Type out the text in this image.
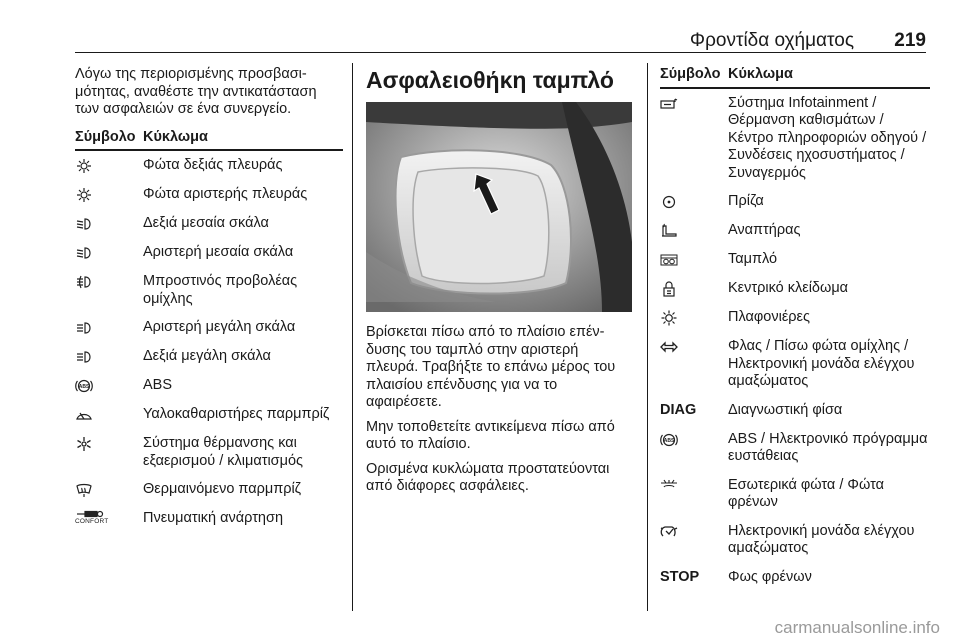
Φροντίδα οχήματος 219

Λόγω της περιορισμένης προσβασιμότητας, αναθέστε την αντικατάσταση των ασφαλειών σε ένα συνεργείο.

Σύμβολο Κύκλωμα
Φώτα δεξιάς πλευράς
Φώτα αριστερής πλευράς
Δεξιά μεσαία σκάλα
Αριστερή μεσαία σκάλα
Μπροστινός προβολέας ομίχλης
Αριστερή μεγάλη σκάλα
Δεξιά μεγάλη σκάλα
ABS	ABS
Υαλοκαθαριστήρες παρμπρίζ
Σύστημα θέρμανσης και εξαερισμού / κλιματισμός
Θερμαινόμενο παρμπρίζ
CONFORT Πνευματική ανάρτηση
Ασφαλειοθήκη ταμπλό

Βρίσκεται πίσω από το πλαίσιο επένδυσης του ταμπλό στην αριστερή πλευρά. Τραβήξτε το επάνω μέρος του πλαισίου επένδυσης για να το αφαιρέσετε.

Μην τοποθετείτε αντικείμενα πίσω από αυτό το πλαίσιο.

Ορισμένα κυκλώματα προστατεύονται από διάφορες ασφάλειες.

Σύμβολο Κύκλωμα
Σύστημα Infotainment / Θέρμανση καθισμάτων / Κέντρο πληροφοριών οδηγού / Συνδέσεις ηχοσυστήματος / Συναγερμός
Πρίζα
Αναπτήρας
Ταμπλό
Κεντρικό κλείδωμα
Πλαφονιέρες
Φλας / Πίσω φώτα ομίχλης / Ηλεκτρονική μονάδα ελέγχου αμαξώματος
DIAG	Διαγνωστική φίσα
ABS	ABS / Ηλεκτρονικό πρόγραμμα ευστάθειας
Εσωτερικά φώτα / Φώτα φρένων
Ηλεκτρονική μονάδα ελέγχου αμαξώματος
STOP	Φως φρένων
carmanualsonline.info
